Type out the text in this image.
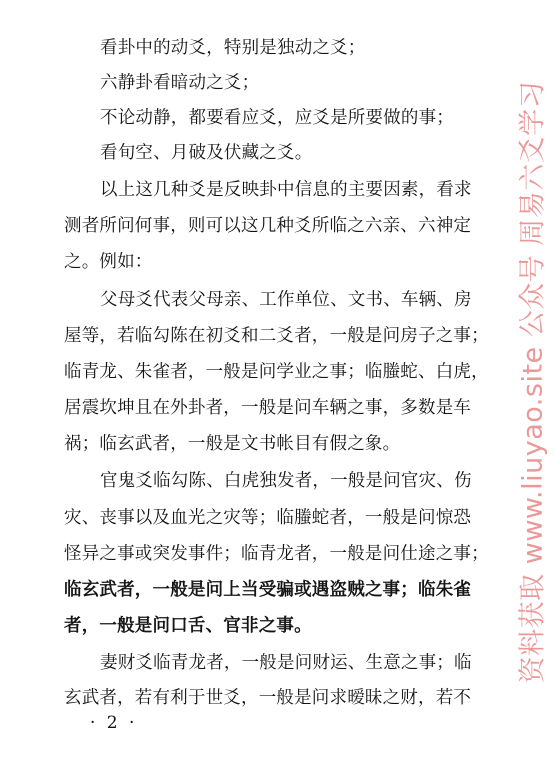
看卦中的动爻，特别是独动之爻；
六静卦看暗动之爻；
不论动静，都要看应爻，应爻是所要做的事；
看旬空、月破及伏藏之爻。
以上这几种爻是反映卦中信息的主要因素，看求
测者所问何事，则可以这几种爻所临之六亲、六神定
之。例如：
父母爻代表父母亲、工作单位、文书、车辆、房
屋等，若临勾陈在初爻和二爻者，一般是问房子之事；
临青龙、朱雀者，一般是问学业之事；临螣蛇、白虎，
居震坎坤且在外卦者，一般是问车辆之事，多数是车
祸；临玄武者，一般是文书帐目有假之象。
官鬼爻临勾陈、白虎独发者，一般是问官灾、伤
灾、丧事以及血光之灾等；临螣蛇者，一般是问惊恐
怪异之事或突发事件；临青龙者，一般是问仕途之事；
临玄武者，一般是问上当受骗或遇盗贼之事；临朱雀
者，一般是问口舌、官非之事。
妻财爻临青龙者，一般是问财运、生意之事；临
玄武者，若有利于世爻，一般是问求暧昧之财，若不
· 2 ·
资料获取 www.liuyao.site 公众号 周易六爻学习
